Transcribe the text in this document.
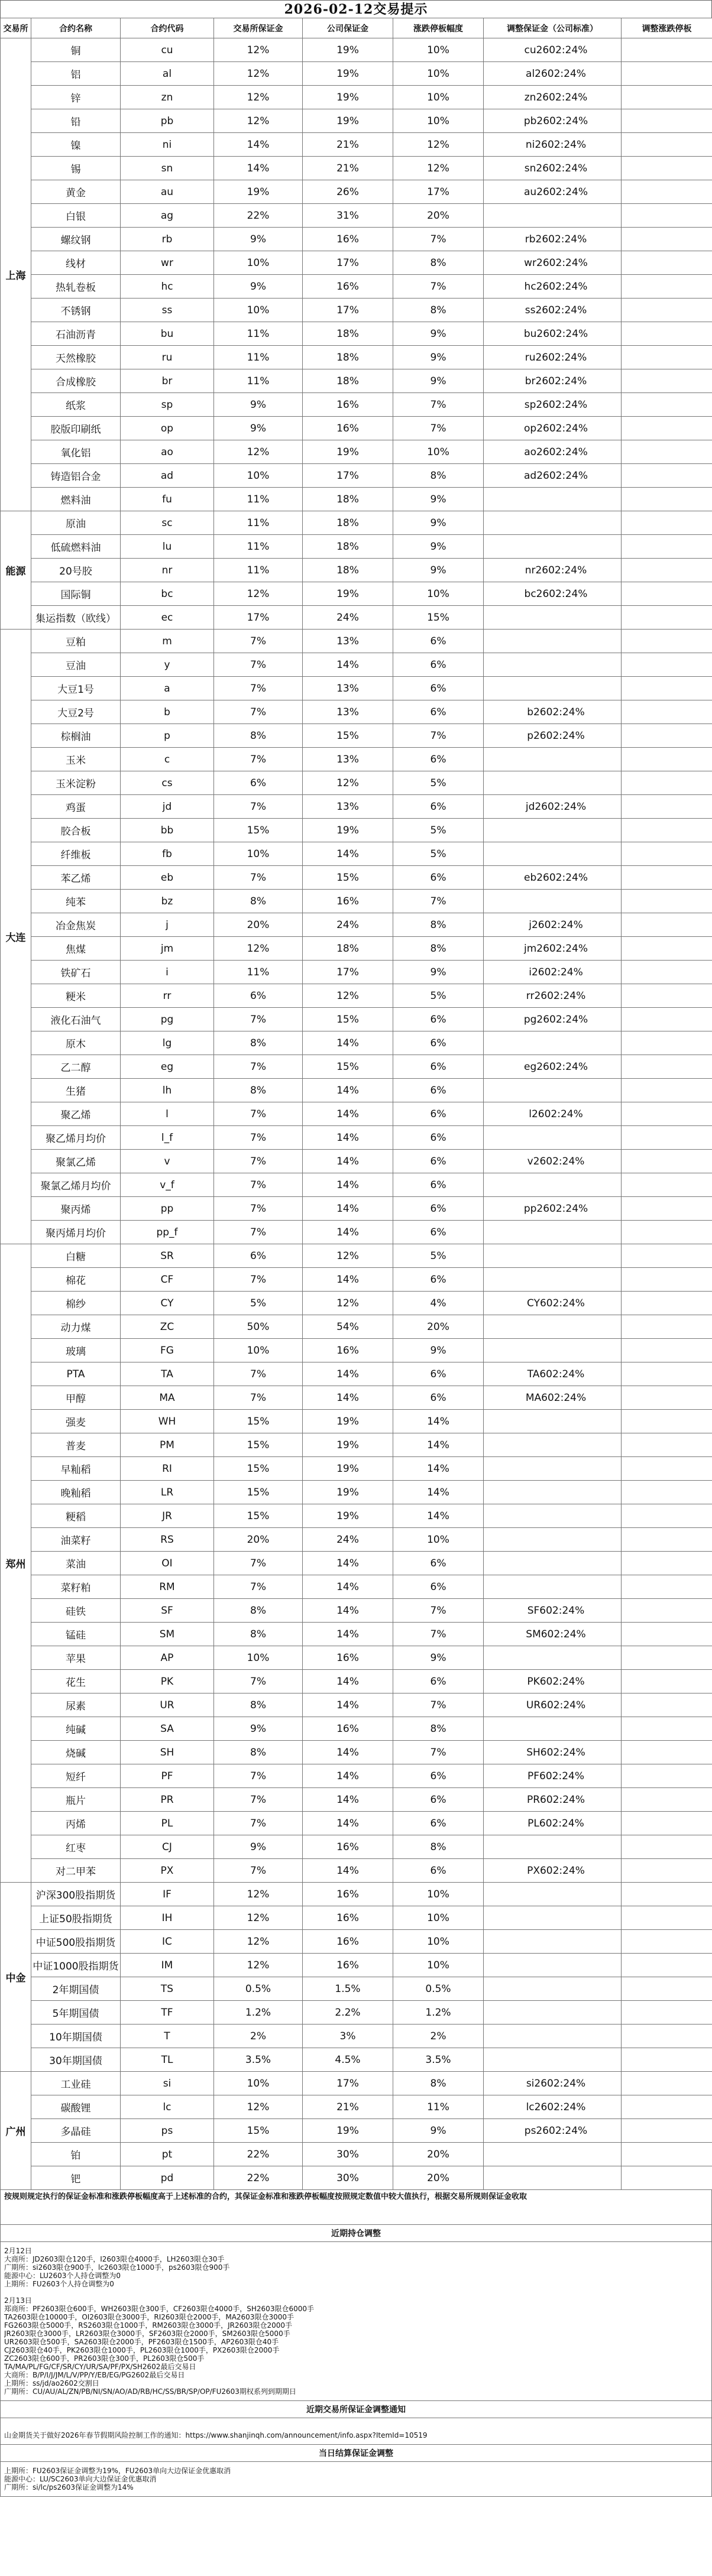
2026-02-12交易提示
交易所	合约名称	合约代码	交易所保证金	公司保证金	涨跌停板幅度	调整保证金（公司标准）	调整涨跌停板
上海	铜	cu	12%	19%	10%	cu2602:24%	
	铝	al	12%	19%	10%	al2602:24%	
	锌	zn	12%	19%	10%	zn2602:24%	
	铅	pb	12%	19%	10%	pb2602:24%	
	镍	ni	14%	21%	12%	ni2602:24%	
	锡	sn	14%	21%	12%	sn2602:24%	
	黄金	au	19%	26%	17%	au2602:24%	
	白银	ag	22%	31%	20%		
	螺纹钢	rb	9%	16%	7%	rb2602:24%	
	线材	wr	10%	17%	8%	wr2602:24%	
	热轧卷板	hc	9%	16%	7%	hc2602:24%	
	不锈钢	ss	10%	17%	8%	ss2602:24%	
	石油沥青	bu	11%	18%	9%	bu2602:24%	
	天然橡胶	ru	11%	18%	9%	ru2602:24%	
	合成橡胶	br	11%	18%	9%	br2602:24%	
	纸浆	sp	9%	16%	7%	sp2602:24%	
	胶版印刷纸	op	9%	16%	7%	op2602:24%	
	氧化铝	ao	12%	19%	10%	ao2602:24%	
	铸造铝合金	ad	10%	17%	8%	ad2602:24%	
	燃料油	fu	11%	18%	9%		
能源	原油	sc	11%	18%	9%		
	低硫燃料油	lu	11%	18%	9%		
	20号胶	nr	11%	18%	9%	nr2602:24%	
	国际铜	bc	12%	19%	10%	bc2602:24%	
	集运指数（欧线）	ec	17%	24%	15%		
大连	豆粕	m	7%	13%	6%		
	豆油	y	7%	14%	6%		
	大豆1号	a	7%	13%	6%		
	大豆2号	b	7%	13%	6%	b2602:24%	
	棕榈油	p	8%	15%	7%	p2602:24%	
	玉米	c	7%	13%	6%		
	玉米淀粉	cs	6%	12%	5%		
	鸡蛋	jd	7%	13%	6%	jd2602:24%	
	胶合板	bb	15%	19%	5%		
	纤维板	fb	10%	14%	5%		
	苯乙烯	eb	7%	15%	6%	eb2602:24%	
	纯苯	bz	8%	16%	7%		
	冶金焦炭	j	20%	24%	8%	j2602:24%	
	焦煤	jm	12%	18%	8%	jm2602:24%	
	铁矿石	i	11%	17%	9%	i2602:24%	
	粳米	rr	6%	12%	5%	rr2602:24%	
	液化石油气	pg	7%	15%	6%	pg2602:24%	
	原木	lg	8%	14%	6%		
	乙二醇	eg	7%	15%	6%	eg2602:24%	
	生猪	lh	8%	14%	6%		
	聚乙烯	l	7%	14%	6%	l2602:24%	
	聚乙烯月均价	l_f	7%	14%	6%		
	聚氯乙烯	v	7%	14%	6%	v2602:24%	
	聚氯乙烯月均价	v_f	7%	14%	6%		
	聚丙烯	pp	7%	14%	6%	pp2602:24%	
	聚丙烯月均价	pp_f	7%	14%	6%		
郑州	白糖	SR	6%	12%	5%		
	棉花	CF	7%	14%	6%		
	棉纱	CY	5%	12%	4%	CY602:24%	
	动力煤	ZC	50%	54%	20%		
	玻璃	FG	10%	16%	9%		
	PTA	TA	7%	14%	6%	TA602:24%	
	甲醇	MA	7%	14%	6%	MA602:24%	
	强麦	WH	15%	19%	14%		
	普麦	PM	15%	19%	14%		
	早籼稻	RI	15%	19%	14%		
	晚籼稻	LR	15%	19%	14%		
	粳稻	JR	15%	19%	14%		
	油菜籽	RS	20%	24%	10%		
	菜油	OI	7%	14%	6%		
	菜籽粕	RM	7%	14%	6%		
	硅铁	SF	8%	14%	7%	SF602:24%	
	锰硅	SM	8%	14%	7%	SM602:24%	
	苹果	AP	10%	16%	9%		
	花生	PK	7%	14%	6%	PK602:24%	
	尿素	UR	8%	14%	7%	UR602:24%	
	纯碱	SA	9%	16%	8%		
	烧碱	SH	8%	14%	7%	SH602:24%	
	短纤	PF	7%	14%	6%	PF602:24%	
	瓶片	PR	7%	14%	6%	PR602:24%	
	丙烯	PL	7%	14%	6%	PL602:24%	
	红枣	CJ	9%	16%	8%		
	对二甲苯	PX	7%	14%	6%	PX602:24%	
中金	沪深300股指期货	IF	12%	16%	10%		
	上证50股指期货	IH	12%	16%	10%		
	中证500股指期货	IC	12%	16%	10%		
	中证1000股指期货	IM	12%	16%	10%		
	2年期国债	TS	0.5%	1.5%	0.5%		
	5年期国债	TF	1.2%	2.2%	1.2%		
	10年期国债	T	2%	3%	2%		
	30年期国债	TL	3.5%	4.5%	3.5%		
广州	工业硅	si	10%	17%	8%	si2602:24%	
	碳酸锂	lc	12%	21%	11%	lc2602:24%	
	多晶硅	ps	15%	19%	9%	ps2602:24%	
	铂	pt	22%	30%	20%		
	钯	pd	22%	30%	20%		
按规则规定执行的保证金标准和涨跌停板幅度高于上述标准的合约，其保证金标准和涨跌停板幅度按照规定数值中较大值执行，根据交易所规则保证金收取
近期持仓调整
2月12日
大商所：JD2603限仓120手，I2603限仓4000手，LH2603限仓30手
广期所：si2603限仓900手，lc2603限仓1000手，ps2603限仓900手
能源中心：LU2603个人持仓调整为0
上期所：FU2603个人持仓调整为0

2月13日
郑商所：PF2603限仓600手，WH2603限仓300手，CF2603限仓4000手，SH2603限仓6000手
TA2603限仓10000手，OI2603限仓3000手，RI2603限仓2000手，MA2603限仓3000手
FG2603限仓5000手，RS2603限仓1000手，RM2603限仓3000手，JR2603限仓2000手
JR2603限仓3000手，LR2603限仓3000手，SF2603限仓2000手，SM2603限仓5000手
UR2603限仓500手，SA2603限仓2000手，PF2603限仓1500手，AP2603限仓40手
CJ2603限仓40手，PK2603限仓1000手，PL2603限仓1000手，PX2603限仓2000手
ZC2603限仓600手，PR2603限仓300手，PL2603限仓500手
TA/MA/PL/FG/CF/SR/CY/UR/SA/PF/PX/SH2602最后交易日
大商所：B/P/I/J/JM/L/V/PP/Y/EB/EG/PG2602最后交易日
上期所：ss/jd/ao2602交割日
广期所：CU/AU/AL/ZN/PB/NI/SN/AO/AD/RB/HC/SS/BR/SP/OP/FU2603期权系列到期期日
近期交易所保证金调整通知

山金期货关于做好2026年春节假期风险控制工作的通知：https://www.shanjinqh.com/announcement/info.aspx?ItemId=10519
当日结算保证金调整
上期所：FU2603保证金调整为19%，FU2603单向大边保证金优惠取消
能源中心：LU/SC2603单向大边保证金优惠取消
广期所：si/lc/ps2603保证金调整为14%
